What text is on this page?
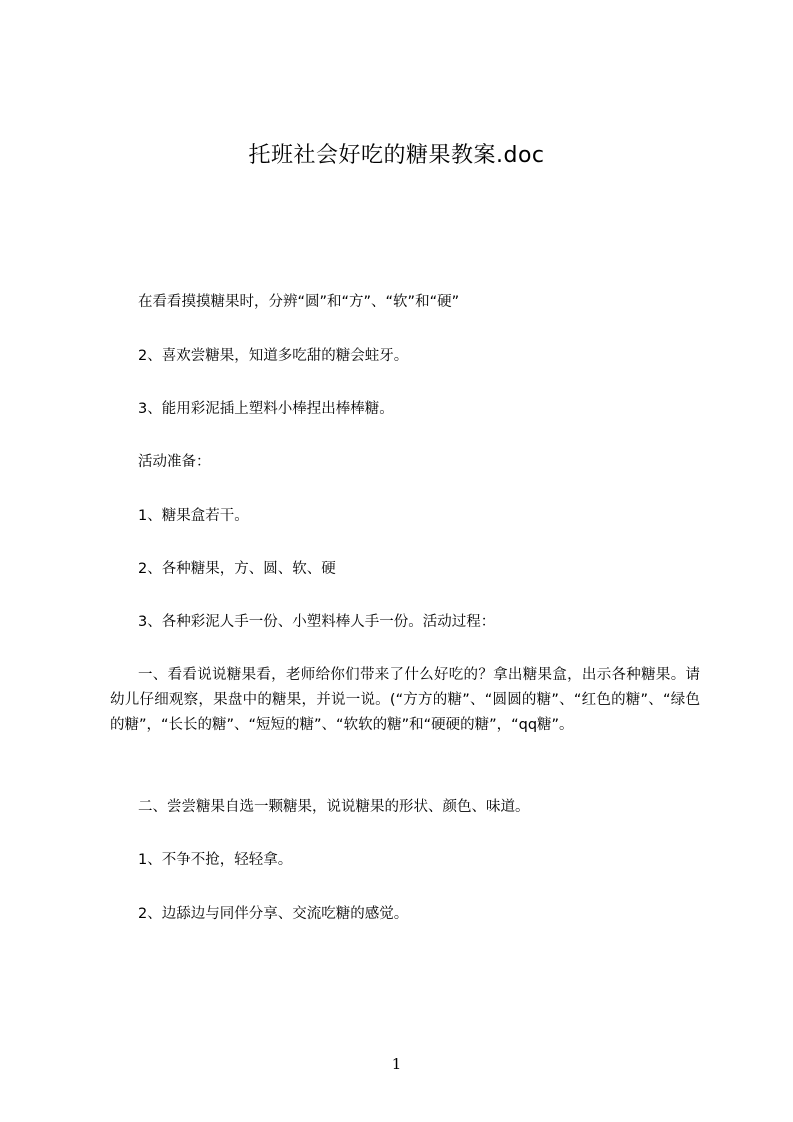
托班社会好吃的糖果教案.doc

在看看摸摸糖果时，分辨“圆”和“方”、“软”和“硬”

2、喜欢尝糖果，知道多吃甜的糖会蛀牙。

3、能用彩泥插上塑料小棒捏出棒棒糖。

活动准备：

1、糖果盒若干。

2、各种糖果，方、圆、软、硬

3、各种彩泥人手一份、小塑料棒人手一份。活动过程：

一、看看说说糖果看，老师给你们带来了什么好吃的？拿出糖果盒，出示各种糖果。请幼儿仔细观察，果盘中的糖果，并说一说。(“方方的糖”、“圆圆的糖”、“红色的糖”、“绿色的糖”，“长长的糖”、“短短的糖”、“软软的糖”和“硬硬的糖”，“qq糖”。

二、尝尝糖果自选一颗糖果，说说糖果的形状、颜色、味道。

1、不争不抢，轻轻拿。

2、边舔边与同伴分享、交流吃糖的感觉。

1
